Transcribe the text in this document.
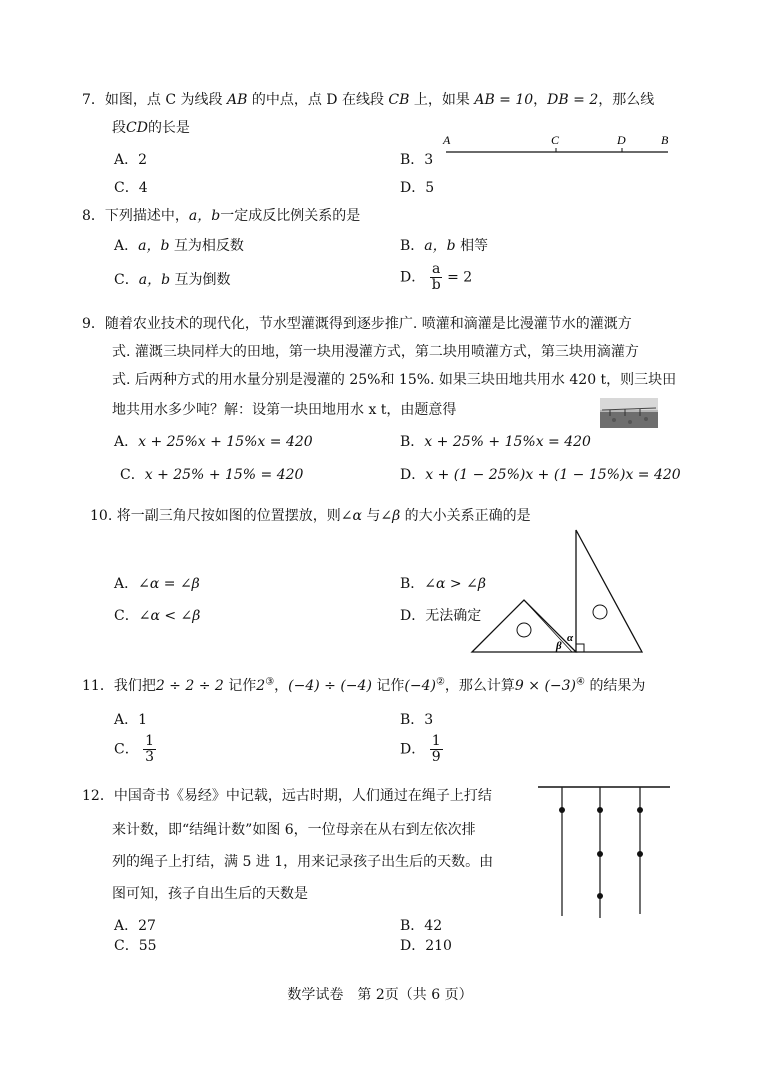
7．如图，点 C 为线段 AB 的中点，点 D 在线段 CB 上，如果 AB = 10，DB = 2，那么线
段CD的长是
A．2	B．3
C．4	D．5
A	C	D	B
8．下列描述中，a，b一定成反比例关系的是
A．a，b 互为相反数	B．a，b 相等
C．a，b 互为倒数	D． $\frac{a}{b} = 2$
9．随着农业技术的现代化，节水型灌溉得到逐步推广. 喷灌和滴灌是比漫灌节水的灌溉方
式. 灌溉三块同样大的田地，第一块用漫灌方式，第二块用喷灌方式，第三块用滴灌方
式. 后两种方式的用水量分别是漫灌的 25%和 15%. 如果三块田地共用水 420 t，则三块田
地共用水多少吨？解：设第一块田地用水 x t，由题意得
A．x + 25%x + 15%x = 420	B．x + 25% + 15%x = 420
C．x + 25% + 15% = 420	D．x + (1 − 25%)x + (1 − 15%)x = 420
10. 将一副三角尺按如图的位置摆放，则∠α 与∠β 的大小关系正确的是
A．∠α = ∠β	B．∠α > ∠β
C．∠α < ∠β	D．无法确定
α
β
11．我们把2 ÷ 2 ÷ 2 记作2③，(−4) ÷ (−4) 记作(−4)②，那么计算9 × (−3)④ 的结果为
A．1	B．3
C． $\frac{1}{3}$	D． $\frac{1}{9}$
12．中国奇书《易经》中记载，远古时期，人们通过在绳子上打结
来计数，即“结绳计数”如图 6，一位母亲在从右到左依次排
列的绳子上打结，满 5 进 1，用来记录孩子出生后的天数。由
图可知，孩子自出生后的天数是
A．27	B．42
C．55	D．210
数学试卷　第 2页（共 6 页）
